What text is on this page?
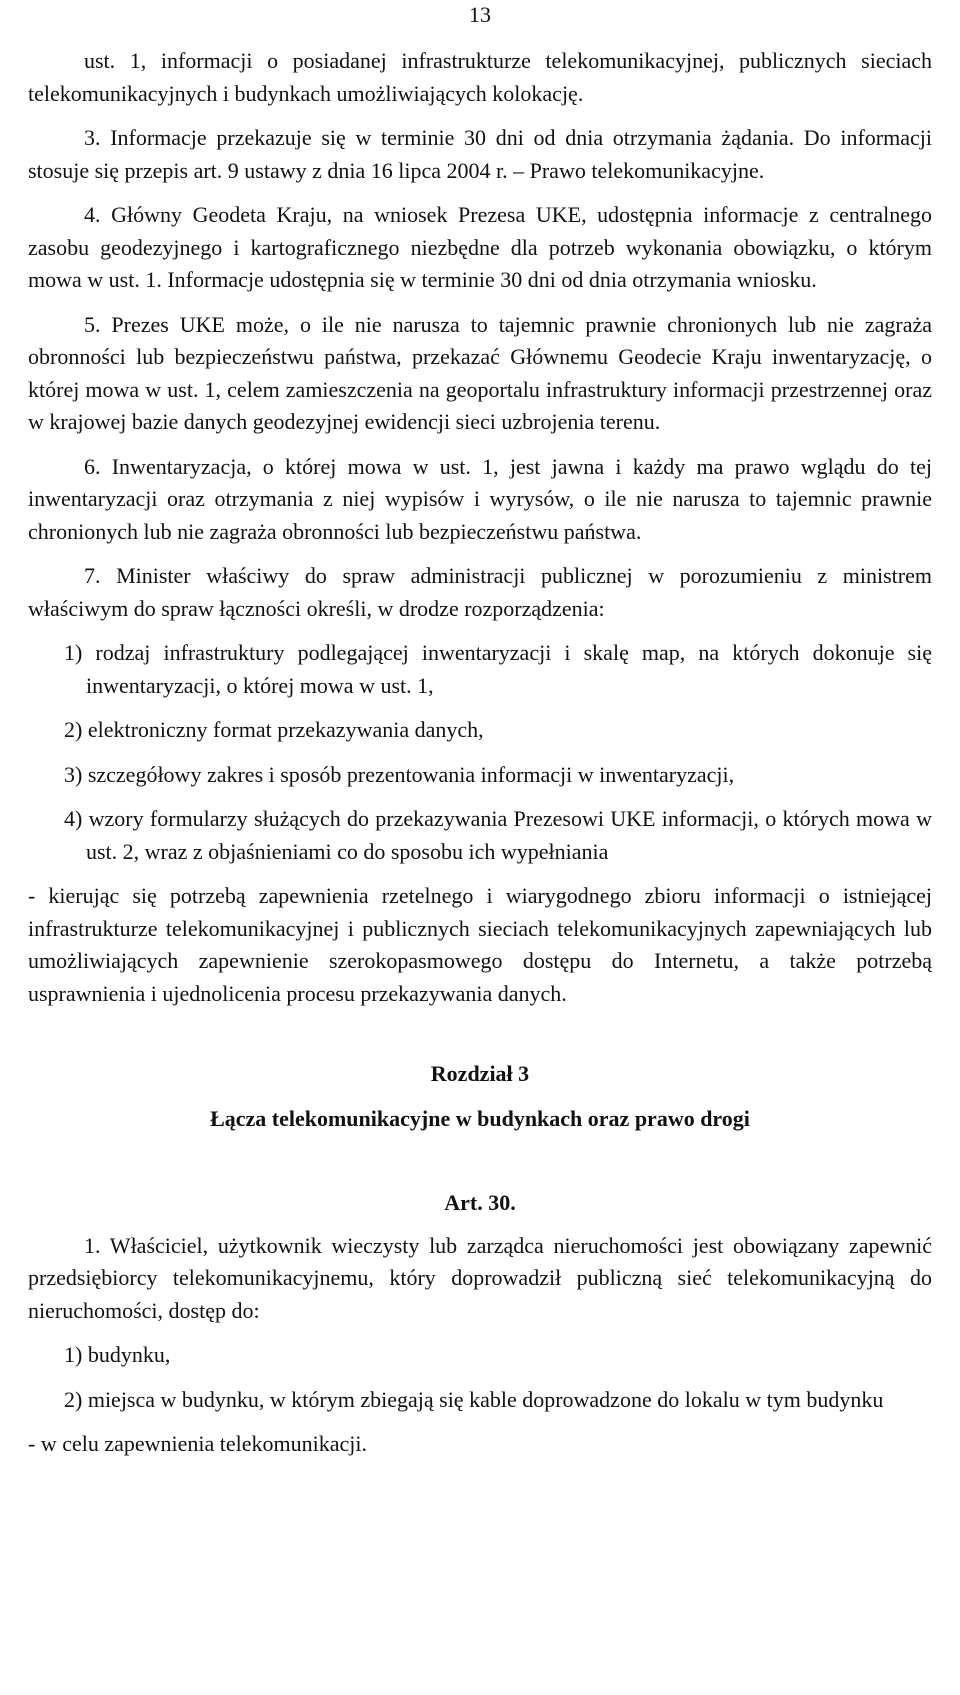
13

ust. 1, informacji o posiadanej infrastrukturze telekomunikacyjnej, publicznych sieciach telekomunikacyjnych i budynkach umożliwiających kolokację.

3. Informacje przekazuje się w terminie 30 dni od dnia otrzymania żądania. Do informacji stosuje się przepis art. 9 ustawy z dnia 16 lipca 2004 r. – Prawo telekomunikacyjne.

4. Główny Geodeta Kraju, na wniosek Prezesa UKE, udostępnia informacje z centralnego zasobu geodezyjnego i kartograficznego niezbędne dla potrzeb wykonania obowiązku, o którym mowa w ust. 1. Informacje udostępnia się w terminie 30 dni od dnia otrzymania wniosku.

5. Prezes UKE może, o ile nie narusza to tajemnic prawnie chronionych lub nie zagraża obronności lub bezpieczeństwu państwa, przekazać Głównemu Geodecie Kraju inwentaryzację, o której mowa w ust. 1, celem zamieszczenia na geoportalu infrastruktury informacji przestrzennej oraz w krajowej bazie danych geodezyjnej ewidencji sieci uzbrojenia terenu.

6. Inwentaryzacja, o której mowa w ust. 1, jest jawna i każdy ma prawo wglądu do tej inwentaryzacji oraz otrzymania z niej wypisów i wyrysów, o ile nie narusza to tajemnic prawnie chronionych lub nie zagraża obronności lub bezpieczeństwu państwa.

7. Minister właściwy do spraw administracji publicznej w porozumieniu z ministrem właściwym do spraw łączności określi, w drodze rozporządzenia:

1) rodzaj infrastruktury podlegającej inwentaryzacji i skalę map, na których dokonuje się inwentaryzacji, o której mowa w ust. 1,

2) elektroniczny format przekazywania danych,

3) szczegółowy zakres i sposób prezentowania informacji w inwentaryzacji,

4) wzory formularzy służących do przekazywania Prezesowi UKE informacji, o których mowa w ust. 2, wraz z objaśnieniami co do sposobu ich wypełniania

- kierując się potrzebą zapewnienia rzetelnego i wiarygodnego zbioru informacji o istniejącej infrastrukturze telekomunikacyjnej i publicznych sieciach telekomunikacyjnych zapewniających lub umożliwiających zapewnienie szerokopasmowego dostępu do Internetu, a także potrzebą usprawnienia i ujednolicenia procesu przekazywania danych.

Rozdział 3

Łącza telekomunikacyjne w budynkach oraz prawo drogi

Art. 30.

1. Właściciel, użytkownik wieczysty lub zarządca nieruchomości jest obowiązany zapewnić przedsiębiorcy telekomunikacyjnemu, który doprowadził publiczną sieć telekomunikacyjną do nieruchomości, dostęp do:

1) budynku,

2) miejsca w budynku, w którym zbiegają się kable doprowadzone do lokalu w tym budynku

- w celu zapewnienia telekomunikacji.
